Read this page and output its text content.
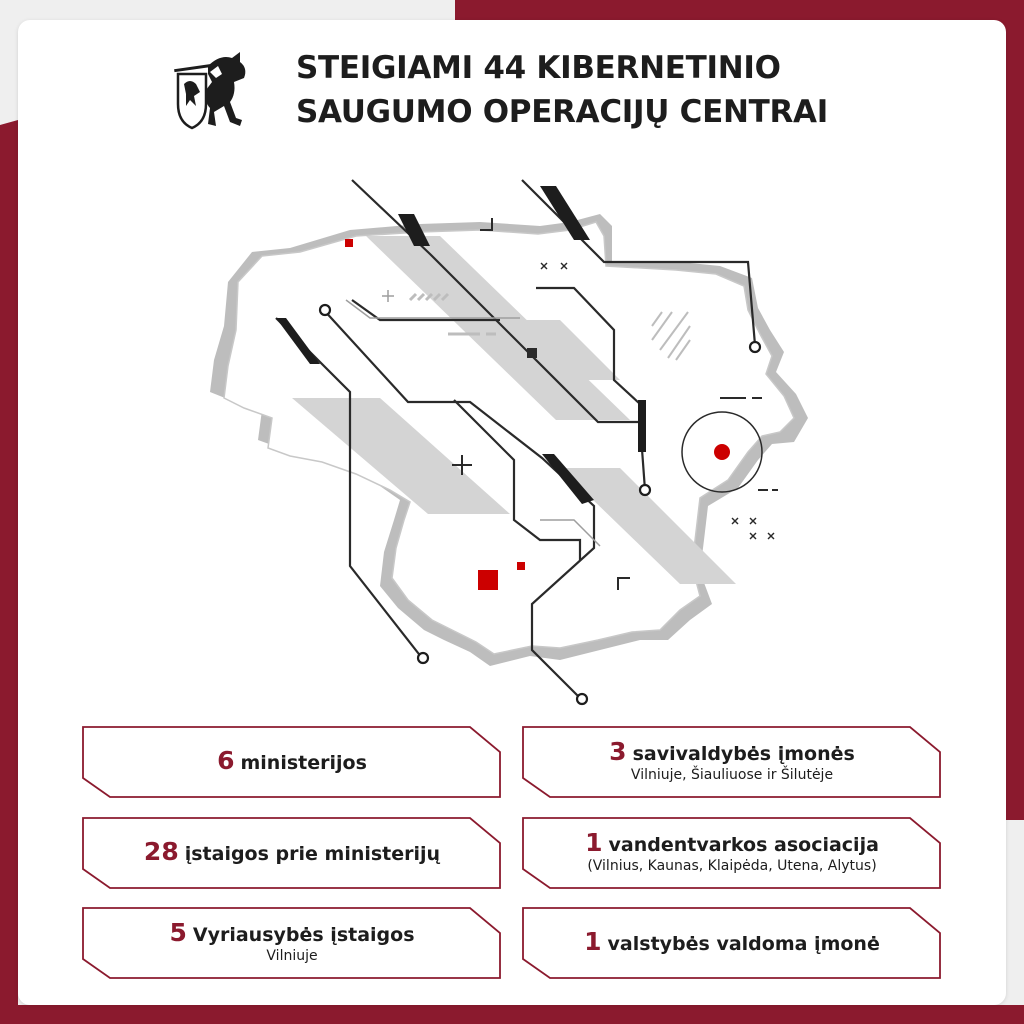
STEIGIAMI 44 KIBERNETINIO
SAUGUMO OPERACIJŲ CENTRAI
6 ministerijos	3 savivaldybės įmonės
Vilniuje, Šiauliuose ir Šilutėje
28 įstaigos prie ministerijų	1 vandentvarkos asociacija
(Vilnius, Kaunas, Klaipėda, Utena, Alytus)
5 Vyriausybės įstaigos
Vilniuje	1 valstybės valdoma įmonė
